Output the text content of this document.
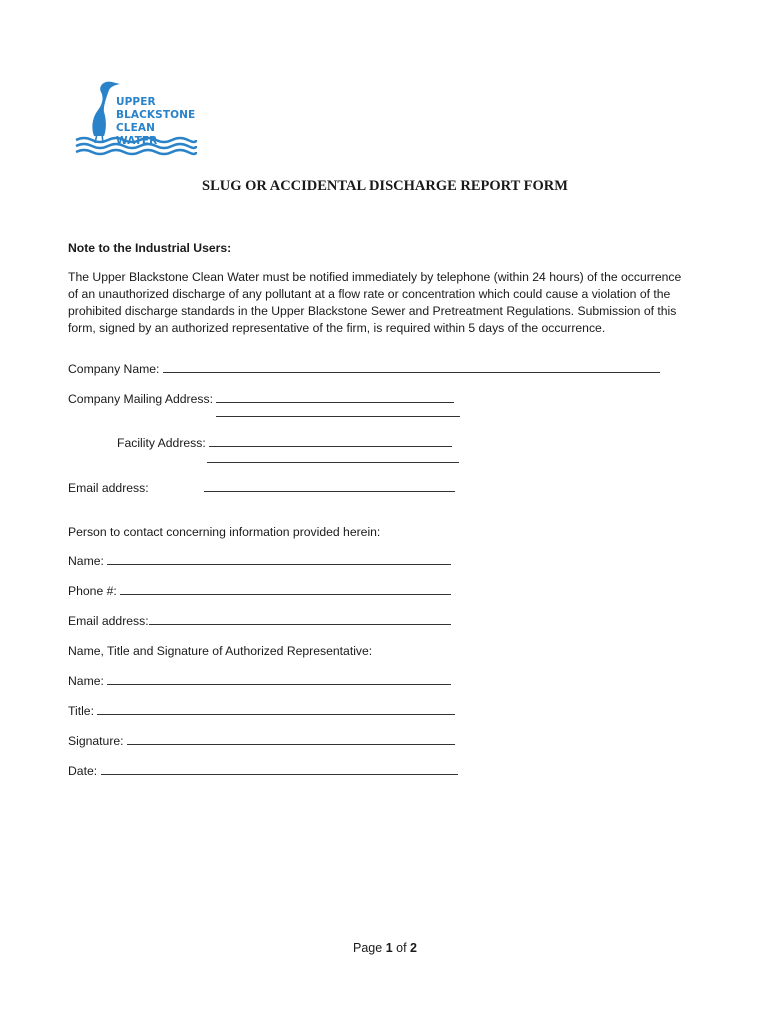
UPPER
BLACKSTONE
CLEAN WATER
SLUG OR ACCIDENTAL DISCHARGE REPORT FORM
Note to the Industrial Users:
The Upper Blackstone Clean Water must be notified immediately by telephone (within 24 hours) of the occurrence
of an unauthorized discharge of any pollutant at a flow rate or concentration which could cause a violation of the
prohibited discharge standards in the Upper Blackstone Sewer and Pretreatment Regulations. Submission of this
form, signed by an authorized representative of the firm, is required within 5 days of the occurrence.
Company Name:
Company Mailing Address:
Facility Address:
Email address:
Person to contact concerning information provided herein:
Name:
Phone #:
Email address:
Name, Title and Signature of Authorized Representative:
Name:
Title:
Signature:
Date:
Page 1 of 2
